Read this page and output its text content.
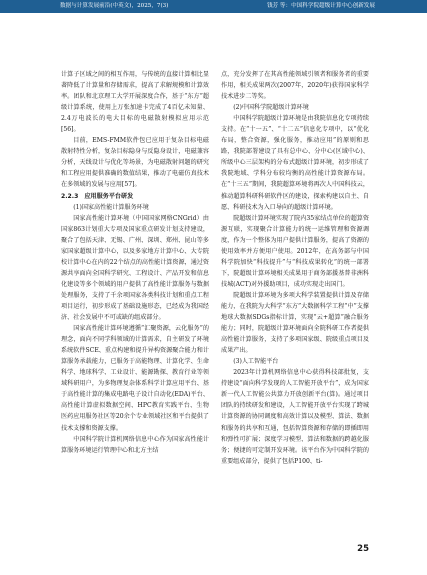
数据与计算发展前沿(中英文)，2025，7(3)	钱芳 等：中国科学院超级计算中心创新发展

计算子区域之间的相互作用，与传统的直接计算相比显著降低了计算量和存储需求，提高了求解规模和计算效率。团队和北京理工大学开展深度合作，基于“东方”超级计算系统，使用上万张加速卡完成了4百亿未知量、2.4万电波长的电大目标的电磁散射模拟应用示范[56]。

目前，EMS-FMM软件包已应用于复杂目标电磁散射特性分析，复杂目标隐身与反隐身设计，电磁兼容分析，天线设计与优化等场景，为电磁散射问题的研究和工程应用提供准确的数值结果，推动了电磁仿真技术在多领域的发展与应用[57]。

2.2.3　应用服务平台研发
(1)国家高性能计算服务环境

国家高性能计算环境（中国国家网格CNGrid）由国家863计划重大专项及国家重点研发计划支持建设，聚合了包括天津、无锡、广州、深圳、郑州、昆山等多家国家超级计算中心，以及多家地方计算中心、大专院校计算中心在内的22个结点的高性能计算资源，通过资源共享面向全国科学研究、工程设计、产品开发和信息化建设等多个领域的用户提供了高性能计算服务与数据处理服务，支持了千余项国家各类科技计划和重点工程项目运行，初步形成了基础设施形态，已经成为我国经济、社会发展中不可或缺的组成部分。

国家高性能计算环境遵循“汇聚资源，云化服务”的理念，面向不同学科领域的计算需求，自主研发了环境系统软件SCE、重点构建和提升异构资源聚合能力和计算服务承载能力，已服务于高能物理、计算化学、生命科学、地球科学、工业设计、能源勘探、教育行业等领域科研用户，为多物理复杂体系科学计算应用平台、基于高性能计算的集成电路电子设计自动化(EDA)平台、高性能计算虚拟数据空间、HPC教育实践平台、生物医药应用服务社区等20余个专业领域社区和平台提供了技术支撑和资源支撑。

中国科学院计算机网络信息中心作为国家高性能计算服务环境运行管理中心和北方主结

点，充分发挥了在其高性能领域引领者和服务者的重要作用，相关成果两次(2007年，2020年)获得国家科学技术进步二等奖。

(2)中国科学院超级计算环境

中国科学院超级计算环境是由我院信息化专项持续支持。在“十一五”、“十二五”信息化专项中，以“优化布局，整合资源，强化服务，推动应用”的原则和思路，我院部署建设了具有总中心、分中心(区域中心)、所级中心三层架构的分布式超级计算环境，初步形成了我院地域、学科分布较均衡的高性能计算资源布局。在“十三五”期间，我院超算环境将再次人中国科技云，推动超算科研科研软件区的建设，探索构建以自主、自愿、科研技术为入口导向的超级计算环境。

院超级计算环境实现了院内35家结点单位的超算资源互联，实现聚合计算能力的统一运维管理和资源调度，作为一个整体为用户提供计算服务，提高了资源的使用效率并方便用户使用。2012年，在高务部与中国科学院加快“科技提升”与“科技成果转化”的统一部署下，院超级计算环境相关成果用于商务部援基普非洲科技城(ACT)对外援助项目，成功实现走出国门。

院超级计算环境为多项大科学装置提供计算及存储能力，在我院为大科学“东方”大数据科学工程“中”支撑地球大数据SDGs指标计算，实现“云+超算”融合服务能力；同时，院超级计算环境面向全院科研工作者提供高性能计算服务，支持了多项国家级、院级重点项目及成果产出。

(3)人工智能平台

2023年计算机网络信息中心获得科技部批复，支持建设“面向科学发现的人工智能开放平台”，成为国家新一代人工智能公共算力开放创新平台(算)。通过项目团队的持续研发和建设，人工智能开放平台实现了跨城计算资源的协同调度和高效计算以及模型、算法、数据和服务的共享和互通，包括智算资源和存储的即插即用和弹性可扩展；深度学习模型、算法和数据的跨越化服务；便捷的可定制开发环境。该平台作为中国科学院的重要组成部分，提供了包括P100、ti-

25
